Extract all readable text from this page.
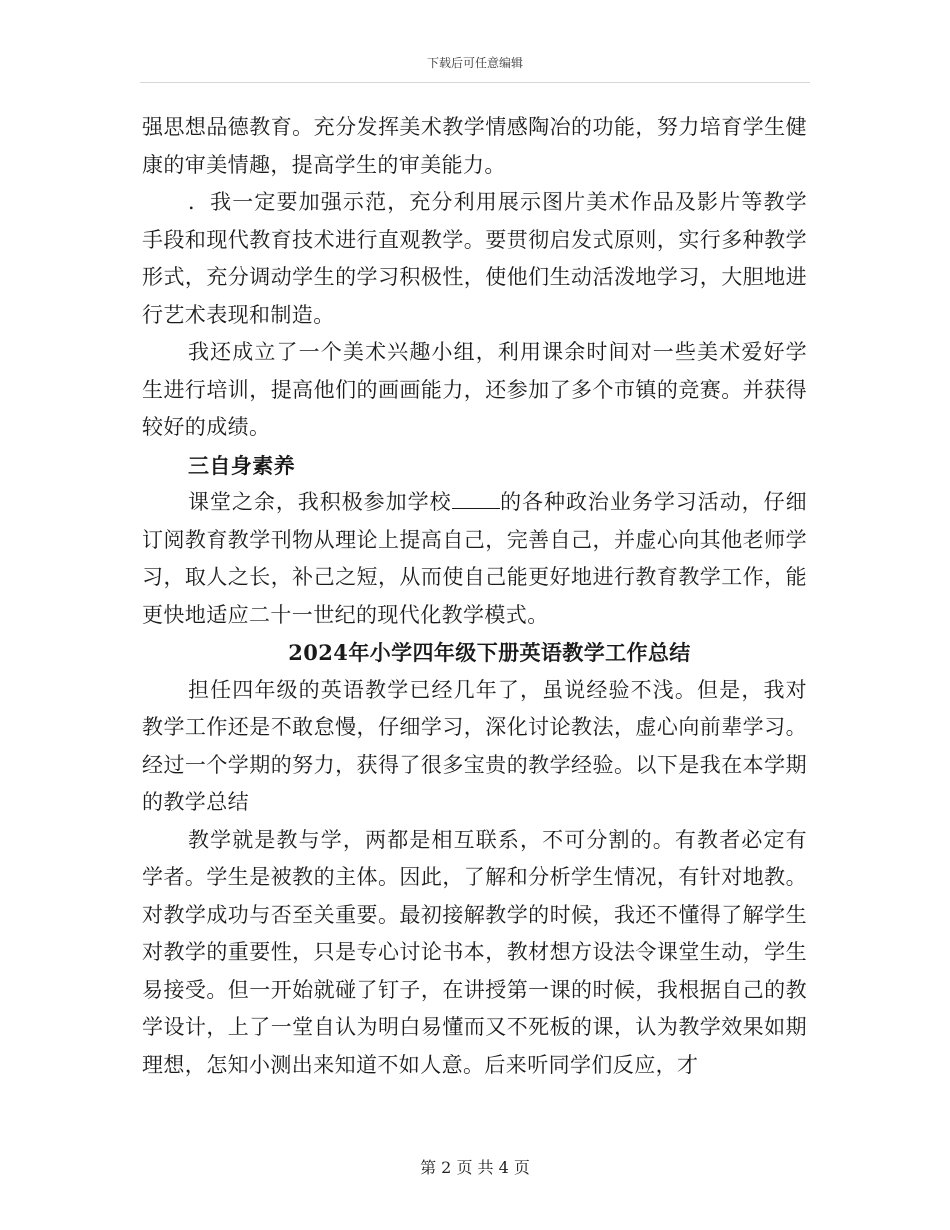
下载后可任意编辑

强思想品德教育。充分发挥美术教学情感陶冶的功能，努力培育学生健康的审美情趣，提高学生的审美能力。

．我一定要加强示范，充分利用展示图片美术作品及影片等教学手段和现代教育技术进行直观教学。要贯彻启发式原则，实行多种教学形式，充分调动学生的学习积极性，使他们生动活泼地学习，大胆地进行艺术表现和制造。

我还成立了一个美术兴趣小组，利用课余时间对一些美术爱好学生进行培训，提高他们的画画能力，还参加了多个市镇的竞赛。并获得较好的成绩。

三自身素养

课堂之余，我积极参加学校 的各种政治业务学习活动，仔细订阅教育教学刊物从理论上提高自己，完善自己，并虚心向其他老师学习，取人之长，补己之短，从而使自己能更好地进行教育教学工作，能更快地适应二十一世纪的现代化教学模式。

2024年小学四年级下册英语教学工作总结

担任四年级的英语教学已经几年了，虽说经验不浅。但是，我对教学工作还是不敢怠慢，仔细学习，深化讨论教法，虚心向前辈学习。经过一个学期的努力，获得了很多宝贵的教学经验。以下是我在本学期的教学总结

教学就是教与学，两都是相互联系，不可分割的。有教者必定有学者。学生是被教的主体。因此，了解和分析学生情况，有针对地教。对教学成功与否至关重要。最初接解教学的时候，我还不懂得了解学生对教学的重要性，只是专心讨论书本，教材想方设法令课堂生动，学生易接受。但一开始就碰了钉子，在讲授第一课的时候，我根据自己的教学设计，上了一堂自认为明白易懂而又不死板的课，认为教学效果如期理想，怎知小测出来知道不如人意。后来听同学们反应，才

第 2 页 共 4 页
